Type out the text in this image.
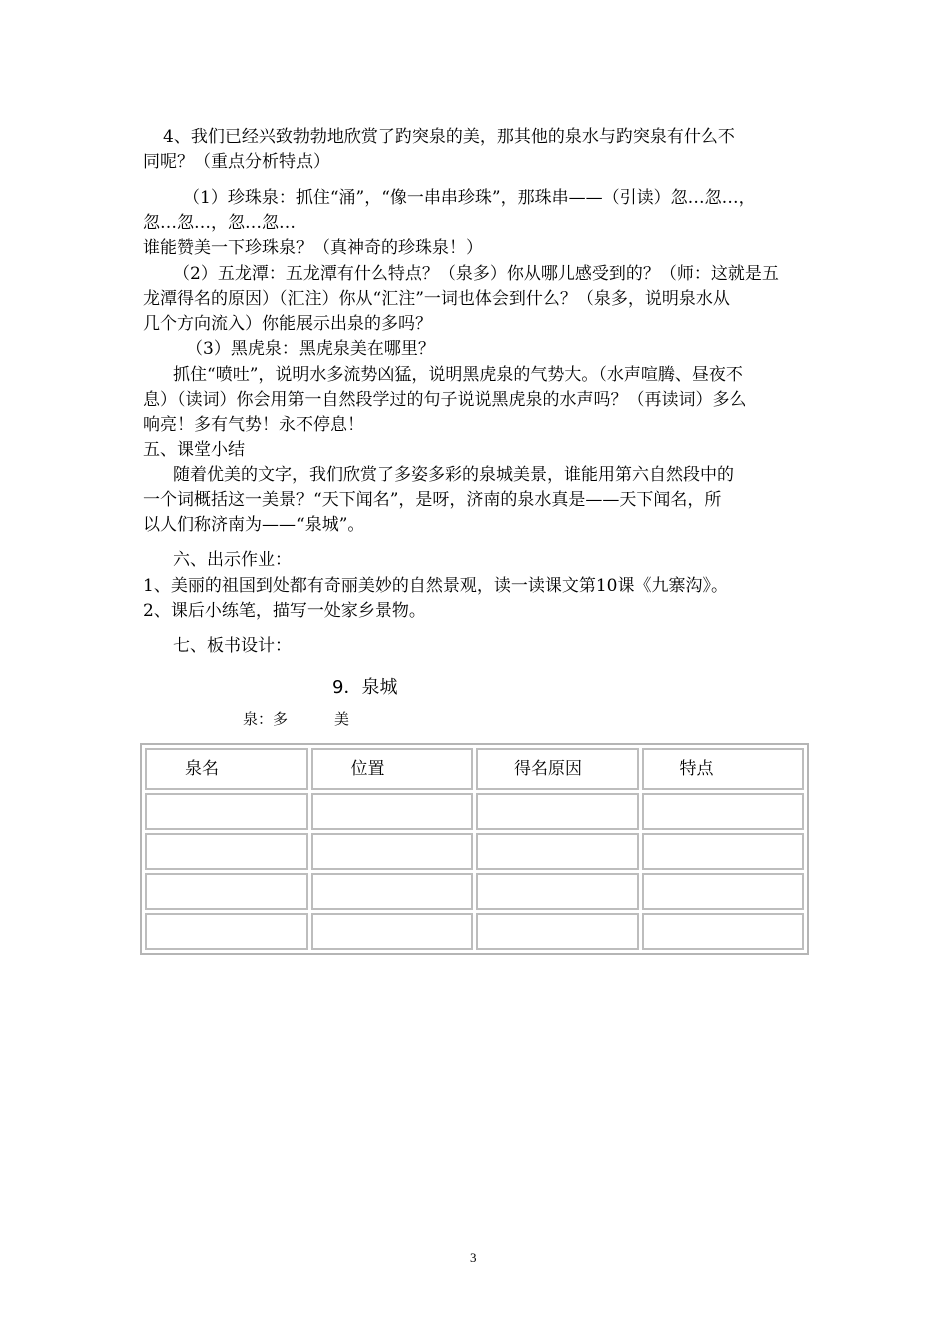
4、我们已经兴致勃勃地欣赏了趵突泉的美，那其他的泉水与趵突泉有什么不
同呢？（重点分析特点）
（1）珍珠泉：抓住“涌”，“像一串串珍珠”，那珠串——（引读）忽…忽…，
忽…忽…，忽…忽…
谁能赞美一下珍珠泉？（真神奇的珍珠泉！）
（2）五龙潭：五龙潭有什么特点？（泉多）你从哪儿感受到的？（师：这就是五
龙潭得名的原因）（汇注）你从“汇注”一词也体会到什么？（泉多，说明泉水从
几个方向流入）你能展示出泉的多吗？
（3）黑虎泉：黑虎泉美在哪里？
抓住“喷吐”，说明水多流势凶猛，说明黑虎泉的气势大。（水声喧腾、昼夜不
息）（读词）你会用第一自然段学过的句子说说黑虎泉的水声吗？（再读词）多么
响亮！多有气势！永不停息！
五、课堂小结
随着优美的文字，我们欣赏了多姿多彩的泉城美景，谁能用第六自然段中的
一个词概括这一美景？“天下闻名”，是呀，济南的泉水真是——天下闻名，所
以人们称济南为——“泉城”。
六、出示作业：
1、美丽的祖国到处都有奇丽美妙的自然景观，读一读课文第10课《九寨沟》。
2、课后小练笔，描写一处家乡景物。
七、板书设计：
9．泉城
泉：多	美
泉名	位置	得名原因	特点

3
